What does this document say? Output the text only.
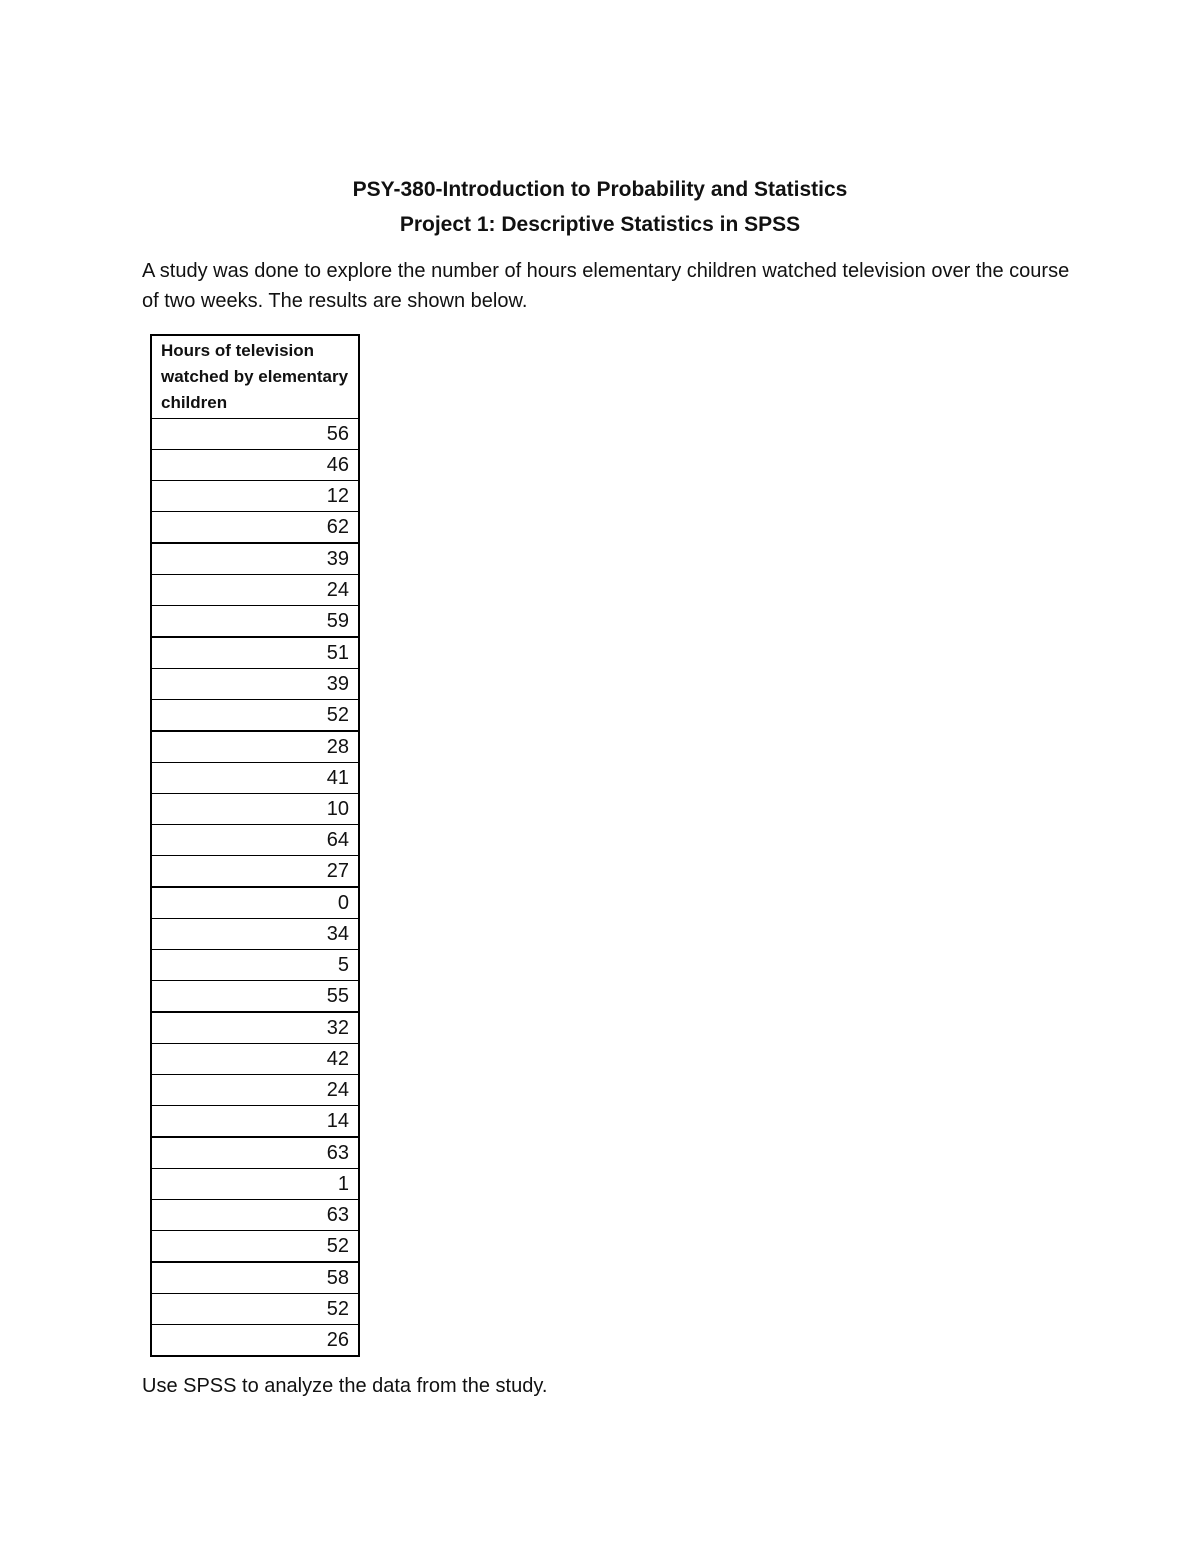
PSY-380-Introduction to Probability and Statistics

Project 1: Descriptive Statistics in SPSS

A study was done to explore the number of hours elementary children watched television over the course of two weeks. The results are shown below.

Hours of television watched by elementary children
56
46
12
62
39
24
59
51
39
52
28
41
10
64
27
0
34
5
55
32
42
24
14
63
1
63
52
58
52
26

Use SPSS to analyze the data from the study.
